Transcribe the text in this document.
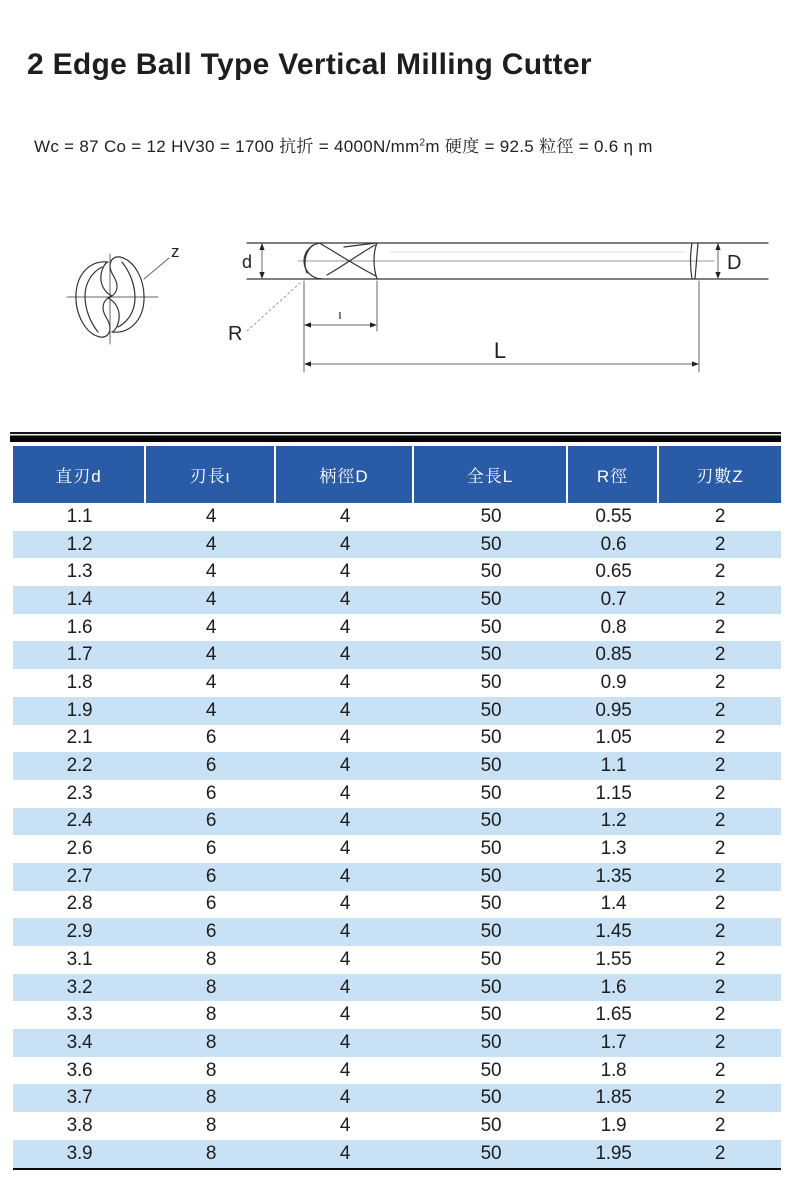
2 Edge Ball Type Vertical Milling Cutter
Wc = 87 Co = 12 HV30 = 1700 抗折 = $4000N/mm^2m$ 硬度 = 92.5 粒徑 = 0.6 η m
z
d	D
R
ι
L
直刃d	刃長ι	柄徑D	全長L	R徑	刃數Z
1.1	4	4	50	0.55	2
1.2	4	4	50	0.6	2
1.3	4	4	50	0.65	2
1.4	4	4	50	0.7	2
1.6	4	4	50	0.8	2
1.7	4	4	50	0.85	2
1.8	4	4	50	0.9	2
1.9	4	4	50	0.95	2
2.1	6	4	50	1.05	2
2.2	6	4	50	1.1	2
2.3	6	4	50	1.15	2
2.4	6	4	50	1.2	2
2.6	6	4	50	1.3	2
2.7	6	4	50	1.35	2
2.8	6	4	50	1.4	2
2.9	6	4	50	1.45	2
3.1	8	4	50	1.55	2
3.2	8	4	50	1.6	2
3.3	8	4	50	1.65	2
3.4	8	4	50	1.7	2
3.6	8	4	50	1.8	2
3.7	8	4	50	1.85	2
3.8	8	4	50	1.9	2
3.9	8	4	50	1.95	2
